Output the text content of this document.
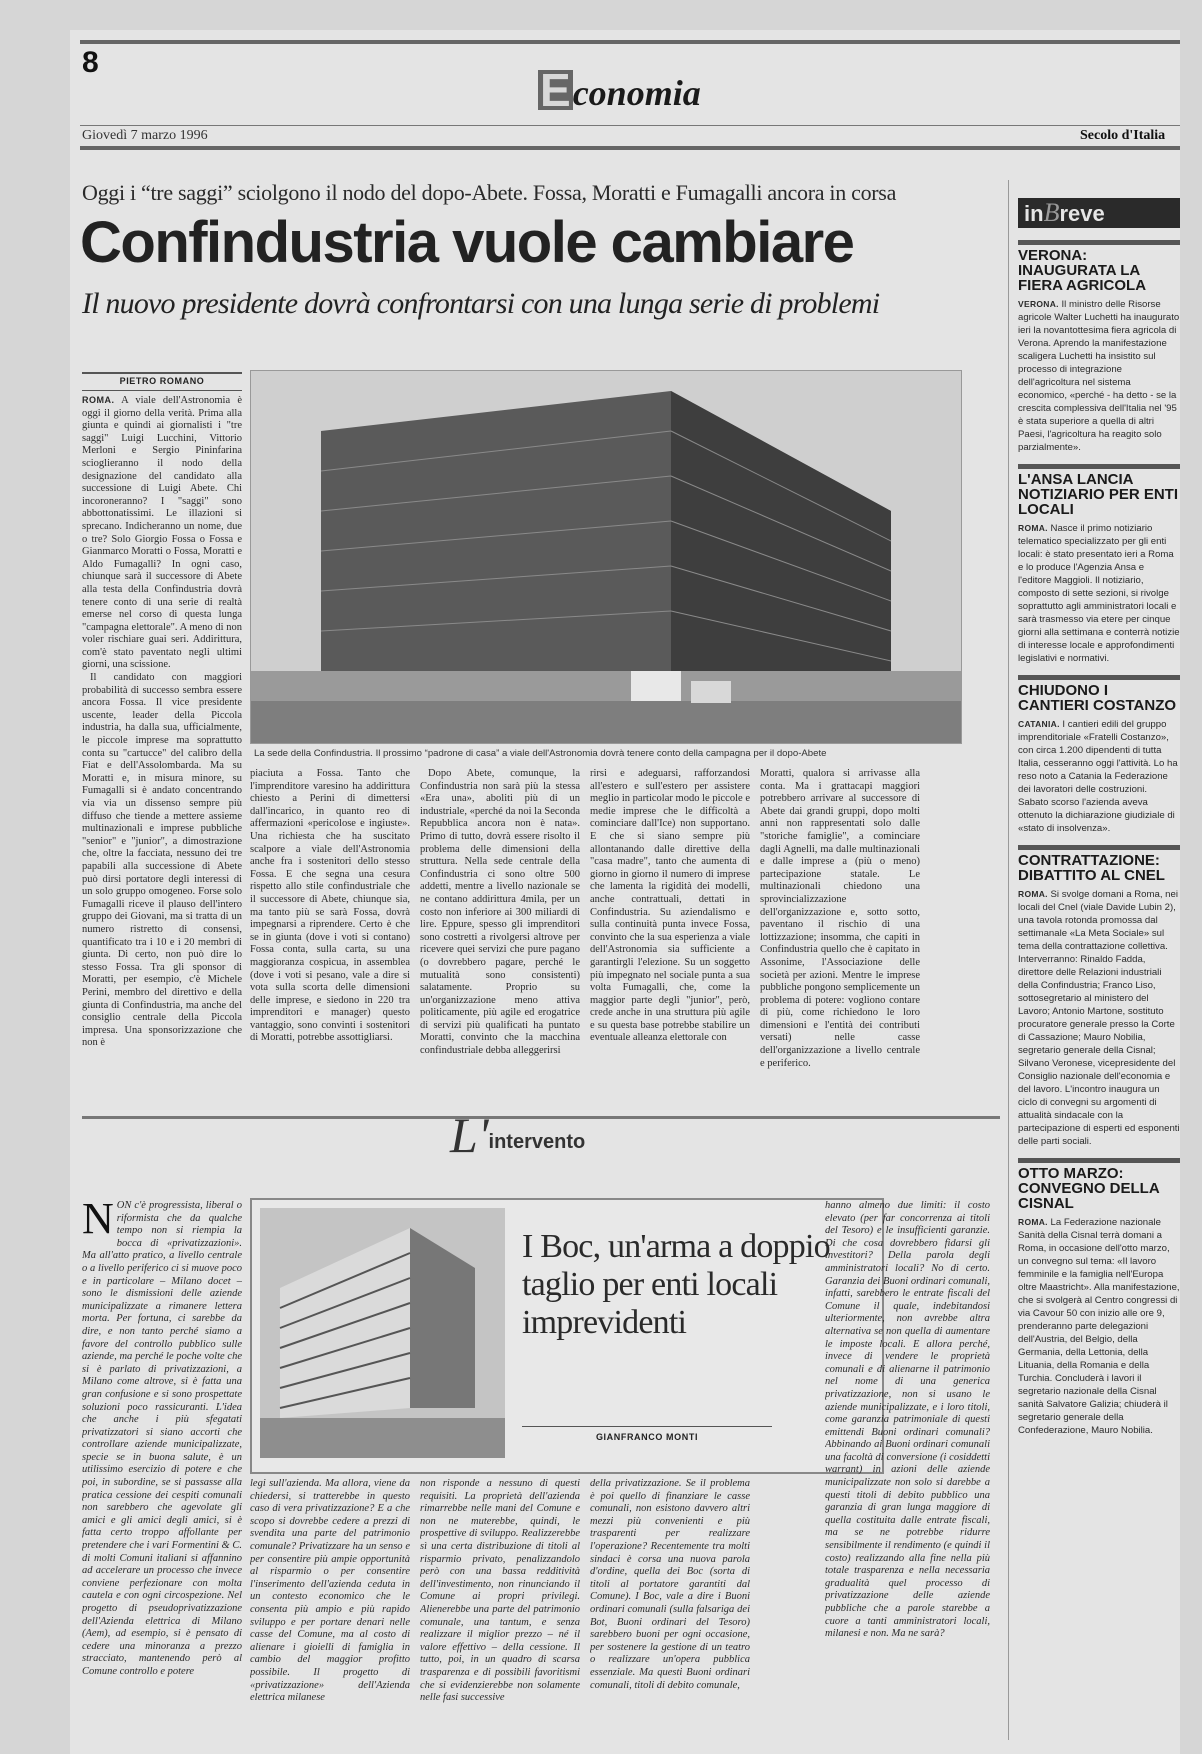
8
E conomia
Giovedì 7 marzo 1996	Secolo d'Italia
Oggi i “tre saggi” sciolgono il nodo del dopo-Abete. Fossa, Moratti e Fumagalli ancora in corsa
Confindustria vuole cambiare
Il nuovo presidente dovrà confrontarsi con una lunga serie di problemi
PIETRO ROMANO

ROMA. A viale dell'Astronomia è oggi il giorno della verità. Prima alla giunta e quindi ai giornalisti i "tre saggi" Luigi Lucchini, Vittorio Merloni e Sergio Pininfarina scioglieranno il nodo della designazione del candidato alla successione di Luigi Abete. Chi incoroneranno? I "saggi" sono abbottonatissimi. Le illazioni si sprecano. Indicheranno un nome, due o tre? Solo Giorgio Fossa o Fossa e Gianmarco Moratti o Fossa, Moratti e Aldo Fumagalli? In ogni caso, chiunque sarà il successore di Abete alla testa della Confindustria dovrà tenere conto di una serie di realtà emerse nel corso di questa lunga "campagna elettorale". A meno di non voler rischiare guai seri. Addirittura, com'è stato paventato negli ultimi giorni, una scissione.

Il candidato con maggiori probabilità di successo sembra essere ancora Fossa. Il vice presidente uscente, leader della Piccola industria, ha dalla sua, ufficialmente, le piccole imprese ma soprattutto conta su "cartucce" del calibro della Fiat e dell'Assolombarda. Ma su Moratti e, in misura minore, su Fumagalli si è andato concentrando via via un dissenso sempre più diffuso che tiende a mettere assieme multinazionali e imprese pubbliche "senior" e "junior", a dimostrazione che, oltre la facciata, nessuno dei tre papabili alla successione di Abete può dirsi portatore degli interessi di un solo gruppo omogeneo. Forse solo Fumagalli riceve il plauso dell'intero gruppo dei Giovani, ma si tratta di un numero ristretto di consensi, quantificato tra i 10 e i 20 membri di giunta. Di certo, non può dire lo stesso Fossa. Tra gli sponsor di Moratti, per esempio, c'è Michele Perini, membro del direttivo e della giunta di Confindustria, ma anche del consiglio centrale della Piccola impresa. Una sponsorizzazione che non è

La sede della Confindustria. Il prossimo “padrone di casa” a viale dell'Astronomia dovrà tenere conto della campagna per il dopo-Abete

piaciuta a Fossa. Tanto che l'imprenditore varesino ha addirittura chiesto a Perini di dimettersi dall'incarico, in quanto reo di affermazioni «pericolose e ingiuste». Una richiesta che ha suscitato scalpore a viale dell'Astronomia anche fra i sostenitori dello stesso Fossa. E che segna una cesura rispetto allo stile confindustriale che il successore di Abete, chiunque sia, ma tanto più se sarà Fossa, dovrà impegnarsi a riprendere. Certo è che se in giunta (dove i voti si contano) Fossa conta, sulla carta, su una maggioranza cospicua, in assemblea (dove i voti si pesano, vale a dire si vota sulla scorta delle dimensioni delle imprese, e siedono in 220 tra imprenditori e manager) questo vantaggio, sono convinti i sostenitori di Moratti, potrebbe assottigliarsi.

Dopo Abete, comunque, la Confindustria non sarà più la stessa «Era una», aboliti più di un industriale, «perché da noi la Seconda Repubblica ancora non è nata». Primo di tutto, dovrà essere risolto il problema delle dimensioni della struttura. Nella sede centrale della Confindustria ci sono oltre 500 addetti, mentre a livello nazionale se ne contano addirittura 4mila, per un costo non inferiore ai 300 miliardi di lire. Eppure, spesso gli imprenditori sono costretti a rivolgersi altrove per ricevere quei servizi che pure pagano (o dovrebbero pagare, perché le mutualità sono consistenti) salatamente. Proprio su un'organizzazione meno attiva politicamente, più agile ed erogatrice di servizi più qualificati ha puntato Moratti, convinto che la macchina confindustriale debba alleggerirsi

rirsi e adeguarsi, rafforzandosi all'estero e sull'estero per assistere meglio in particolar modo le piccole e medie imprese che le difficoltà a cominciare dall'Ice) non supportano. E che si siano sempre più allontanando dalle direttive della "casa madre", tanto che aumenta di giorno in giorno il numero di imprese che lamenta la rigidità dei modelli, anche contrattuali, dettati in Confindustria. Su aziendalismo e sulla continuità punta invece Fossa, convinto che la sua esperienza a viale dell'Astronomia sia sufficiente a garantirgli l'elezione. Su un soggetto più impegnato nel sociale punta a sua volta Fumagalli, che, come la maggior parte degli "junior", però, crede anche in una struttura più agile e su questa base potrebbe stabilire un eventuale alleanza elettorale con

Moratti, qualora si arrivasse alla conta. Ma i grattacapi maggiori potrebbero arrivare al successore di Abete dai grandi gruppi, dopo molti anni non rappresentati solo dalle "storiche famiglie", a cominciare dagli Agnelli, ma dalle multinazionali e dalle imprese a (più o meno) partecipazione statale. Le multinazionali chiedono una sprovincializzazione dell'organizzazione e, sotto sotto, paventano il rischio di una lottizzazione; insomma, che capiti in Confindustria quello che è capitato in Assonime, l'Associazione delle società per azioni. Mentre le imprese pubbliche pongono semplicemente un problema di potere: vogliono contare di più, come richiedono le loro dimensioni e l'entità dei contributi versati) nelle casse dell'organizzazione a livello centrale e periferico.

inBreve
VERONA: INAUGURATA LA FIERA AGRICOLA
VERONA. Il ministro delle Risorse agricole Walter Luchetti ha inaugurato ieri la novantottesima fiera agricola di Verona. Aprendo la manifestazione scaligera Luchetti ha insistito sul processo di integrazione dell'agricoltura nel sistema economico, «perché - ha detto - se la crescita complessiva dell'Italia nel '95 è stata superiore a quella di altri Paesi, l'agricoltura ha reagito solo parzialmente».
L'ANSA LANCIA NOTIZIARIO PER ENTI LOCALI
ROMA. Nasce il primo notiziario telematico specializzato per gli enti locali: è stato presentato ieri a Roma e lo produce l'Agenzia Ansa e l'editore Maggioli. Il notiziario, composto di sette sezioni, si rivolge soprattutto agli amministratori locali e sarà trasmesso via etere per cinque giorni alla settimana e conterrà notizie di interesse locale e approfondimenti legislativi e normativi.
CHIUDONO I CANTIERI COSTANZO
CATANIA. I cantieri edili del gruppo imprenditoriale «Fratelli Costanzo», con circa 1.200 dipendenti di tutta Italia, cesseranno oggi l'attività. Lo ha reso noto a Catania la Federazione dei lavoratori delle costruzioni. Sabato scorso l'azienda aveva ottenuto la dichiarazione giudiziale di «stato di insolvenza».
CONTRATTAZIONE: DIBATTITO AL CNEL
ROMA. Si svolge domani a Roma, nei locali del Cnel (viale Davide Lubin 2), una tavola rotonda promossa dal settimanale «La Meta Sociale» sul tema della contrattazione collettiva. Interverranno: Rinaldo Fadda, direttore delle Relazioni industriali della Confindustria; Franco Liso, sottosegretario al ministero del Lavoro; Antonio Martone, sostituto procuratore generale presso la Corte di Cassazione; Mauro Nobilia, segretario generale della Cisnal; Silvano Veronese, vicepresidente del Consiglio nazionale dell'economia e del lavoro. L'incontro inaugura un ciclo di convegni su argomenti di attualità sindacale con la partecipazione di esperti ed esponenti delle parti sociali.
OTTO MARZO: CONVEGNO DELLA CISNAL
ROMA. La Federazione nazionale Sanità della Cisnal terrà domani a Roma, in occasione dell'otto marzo, un convegno sul tema: «Il lavoro femminile e la famiglia nell'Europa oltre Maastricht». Alla manifestazione, che si svolgerà al Centro congressi di via Cavour 50 con inizio alle ore 9, prenderanno parte delegazioni dell'Austria, del Belgio, della Germania, della Lettonia, della Lituania, della Romania e della Turchia. Concluderà i lavori il segretario nazionale della Cisnal sanità Salvatore Galizia; chiuderà il segretario generale della Confederazione, Mauro Nobilia.
L' intervento

NON c'è progressista, liberal o riformista che da qualche tempo non si riempia la bocca di «privatizzazioni». Ma all'atto pratico, a livello centrale o a livello periferico ci si muove poco e in particolare – Milano docet – sono le dismissioni delle aziende municipalizzate a rimanere lettera morta. Per fortuna, ci sarebbe da dire, e non tanto perché siamo a favore del controllo pubblico sulle aziende, ma perché le poche volte che si è parlato di privatizzazioni, a Milano come altrove, si è fatta una gran confusione e si sono prospettate soluzioni poco rassicuranti. L'idea che anche i più sfegatati privatizzatori si siano accorti che controllare aziende municipalizzate, specie se in buona salute, è un utilissimo esercizio di potere e che poi, in subordine, se si passasse alla pratica cessione dei cespiti comunali non sarebbero che agevolate gli amici e gli amici degli amici, si è fatta certo troppo affollante per pretendere che i vari Formentini & C. di molti Comuni italiani si affannino ad accelerare un processo che invece conviene perfezionare con molta cautela e con ogni circospezione. Nel progetto di pseudoprivatizzazione dell'Azienda elettrica di Milano (Aem), ad esempio, si è pensato di cedere una minoranza a prezzo stracciato, mantenendo però al Comune controllo e potere

I Boc, un'arma a doppio taglio per enti locali imprevidenti
GIANFRANCO MONTI

legi sull'azienda. Ma allora, viene da chiedersi, si tratterebbe in questo caso di vera privatizzazione? E a che scopo si dovrebbe cedere a prezzi di svendita una parte del patrimonio comunale? Privatizzare ha un senso e per consentire più ampie opportunità al risparmio o per consentire l'inserimento dell'azienda ceduta in un contesto economico che le consenta più ampio e più rapido sviluppo e per portare denari nelle casse del Comune, ma al costo di alienare i gioielli di famiglia in cambio del maggior profitto possibile. Il progetto di «privatizzazione» dell'Azienda elettrica milanese

non risponde a nessuno di questi requisiti. La proprietà dell'azienda rimarrebbe nelle mani del Comune e non ne muterebbe, quindi, le prospettive di sviluppo. Realizzerebbe sì una certa distribuzione di titoli al risparmio privato, penalizzandolo però con una bassa redditività dell'investimento, non rinunciando il Comune ai propri privilegi. Alienerebbe una parte del patrimonio comunale, una tantum, e senza realizzare il miglior prezzo – né il valore effettivo – della cessione. Il tutto, poi, in un quadro di scarsa trasparenza e di possibili favoritismi che si evidenzierebbe non solamente nelle fasi successive

della privatizzazione. Se il problema è poi quello di finanziare le casse comunali, non esistono davvero altri mezzi più convenienti e più trasparenti per realizzare l'operazione? Recentemente tra molti sindaci è corsa una nuova parola d'ordine, quella dei Boc (sorta di titoli al portatore garantiti dal Comune). I Boc, vale a dire i Buoni ordinari comunali (sulla falsariga dei Bot, Buoni ordinari del Tesoro) sarebbero buoni per ogni occasione, per sostenere la gestione di un teatro o realizzare un'opera pubblica essenziale. Ma questi Buoni ordinari comunali, titoli di debito comunale,

hanno almeno due limiti: il costo elevato (per far concorrenza ai titoli del Tesoro) e le insufficienti garanzie. Di che cosa dovrebbero fidarsi gli investitori? Della parola degli amministratori locali? No di certo. Garanzia dei Buoni ordinari comunali, infatti, sarebbero le entrate fiscali del Comune il quale, indebitandosi ulteriormente, non avrebbe altra alternativa se non quella di aumentare le imposte locali. E allora perché, invece di vendere le proprietà comunali e di alienarne il patrimonio nel nome di una generica privatizzazione, non si usano le aziende municipalizzate, e i loro titoli, come garanzia patrimoniale di questi emittendi Buoni ordinari comunali? Abbinando ai Buoni ordinari comunali una facoltà di conversione (i cosiddetti warrant) in azioni delle aziende municipalizzate non solo si darebbe a questi titoli di debito pubblico una garanzia di gran lunga maggiore di quella costituita dalle entrate fiscali, ma se ne potrebbe ridurre sensibilmente il rendimento (e quindi il costo) realizzando alla fine nella più totale trasparenza e nella necessaria gradualità quel processo di privatizzazione delle aziende pubbliche che a parole starebbe a cuore a tanti amministratori locali, milanesi e non. Ma ne sarà?
